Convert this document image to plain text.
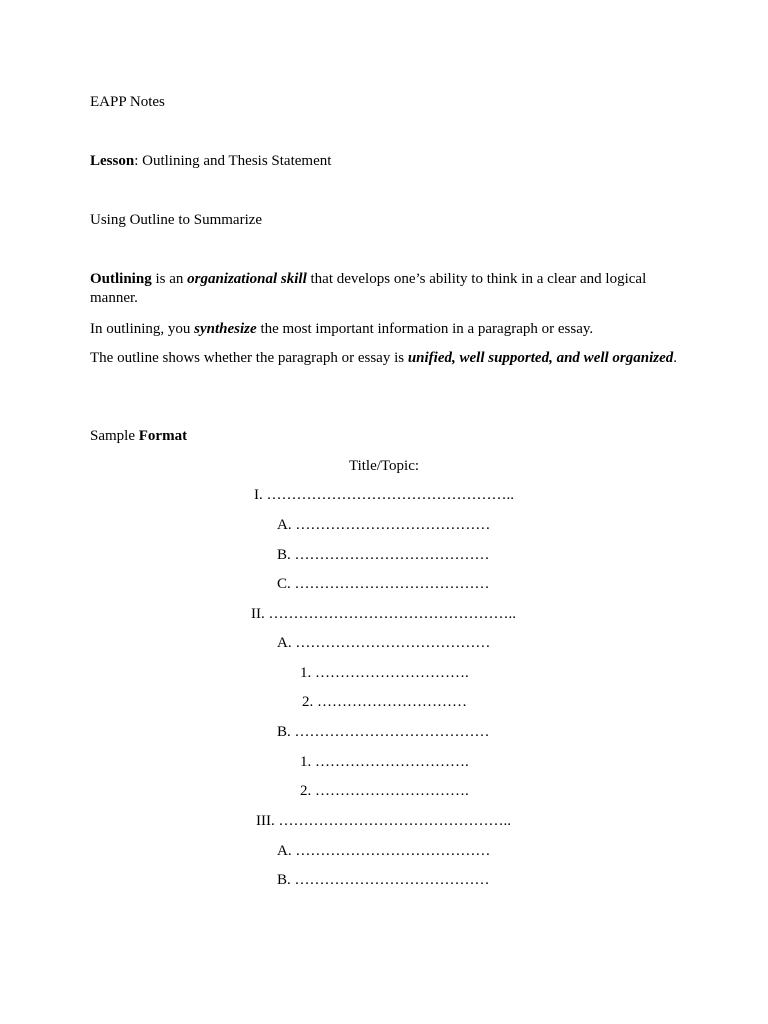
EAPP Notes

Lesson: Outlining and Thesis Statement

Using Outline to Summarize

Outlining is an organizational skill that develops one’s ability to think in a clear and logical manner.

In outlining, you synthesize the most important information in a paragraph or essay.

The outline shows whether the paragraph or essay is unified, well supported, and well organized.

Sample Format

Title/Topic:
I. …………………………………………..
A. …………………………………
B. …………………………………
C. …………………………………
II. …………………………………………..
A. …………………………………
1. ………………………….
2. …………………………
B. …………………………………
1. ………………………….
2. ………………………….
III. ………………………………………..
A. …………………………………
B. …………………………………
